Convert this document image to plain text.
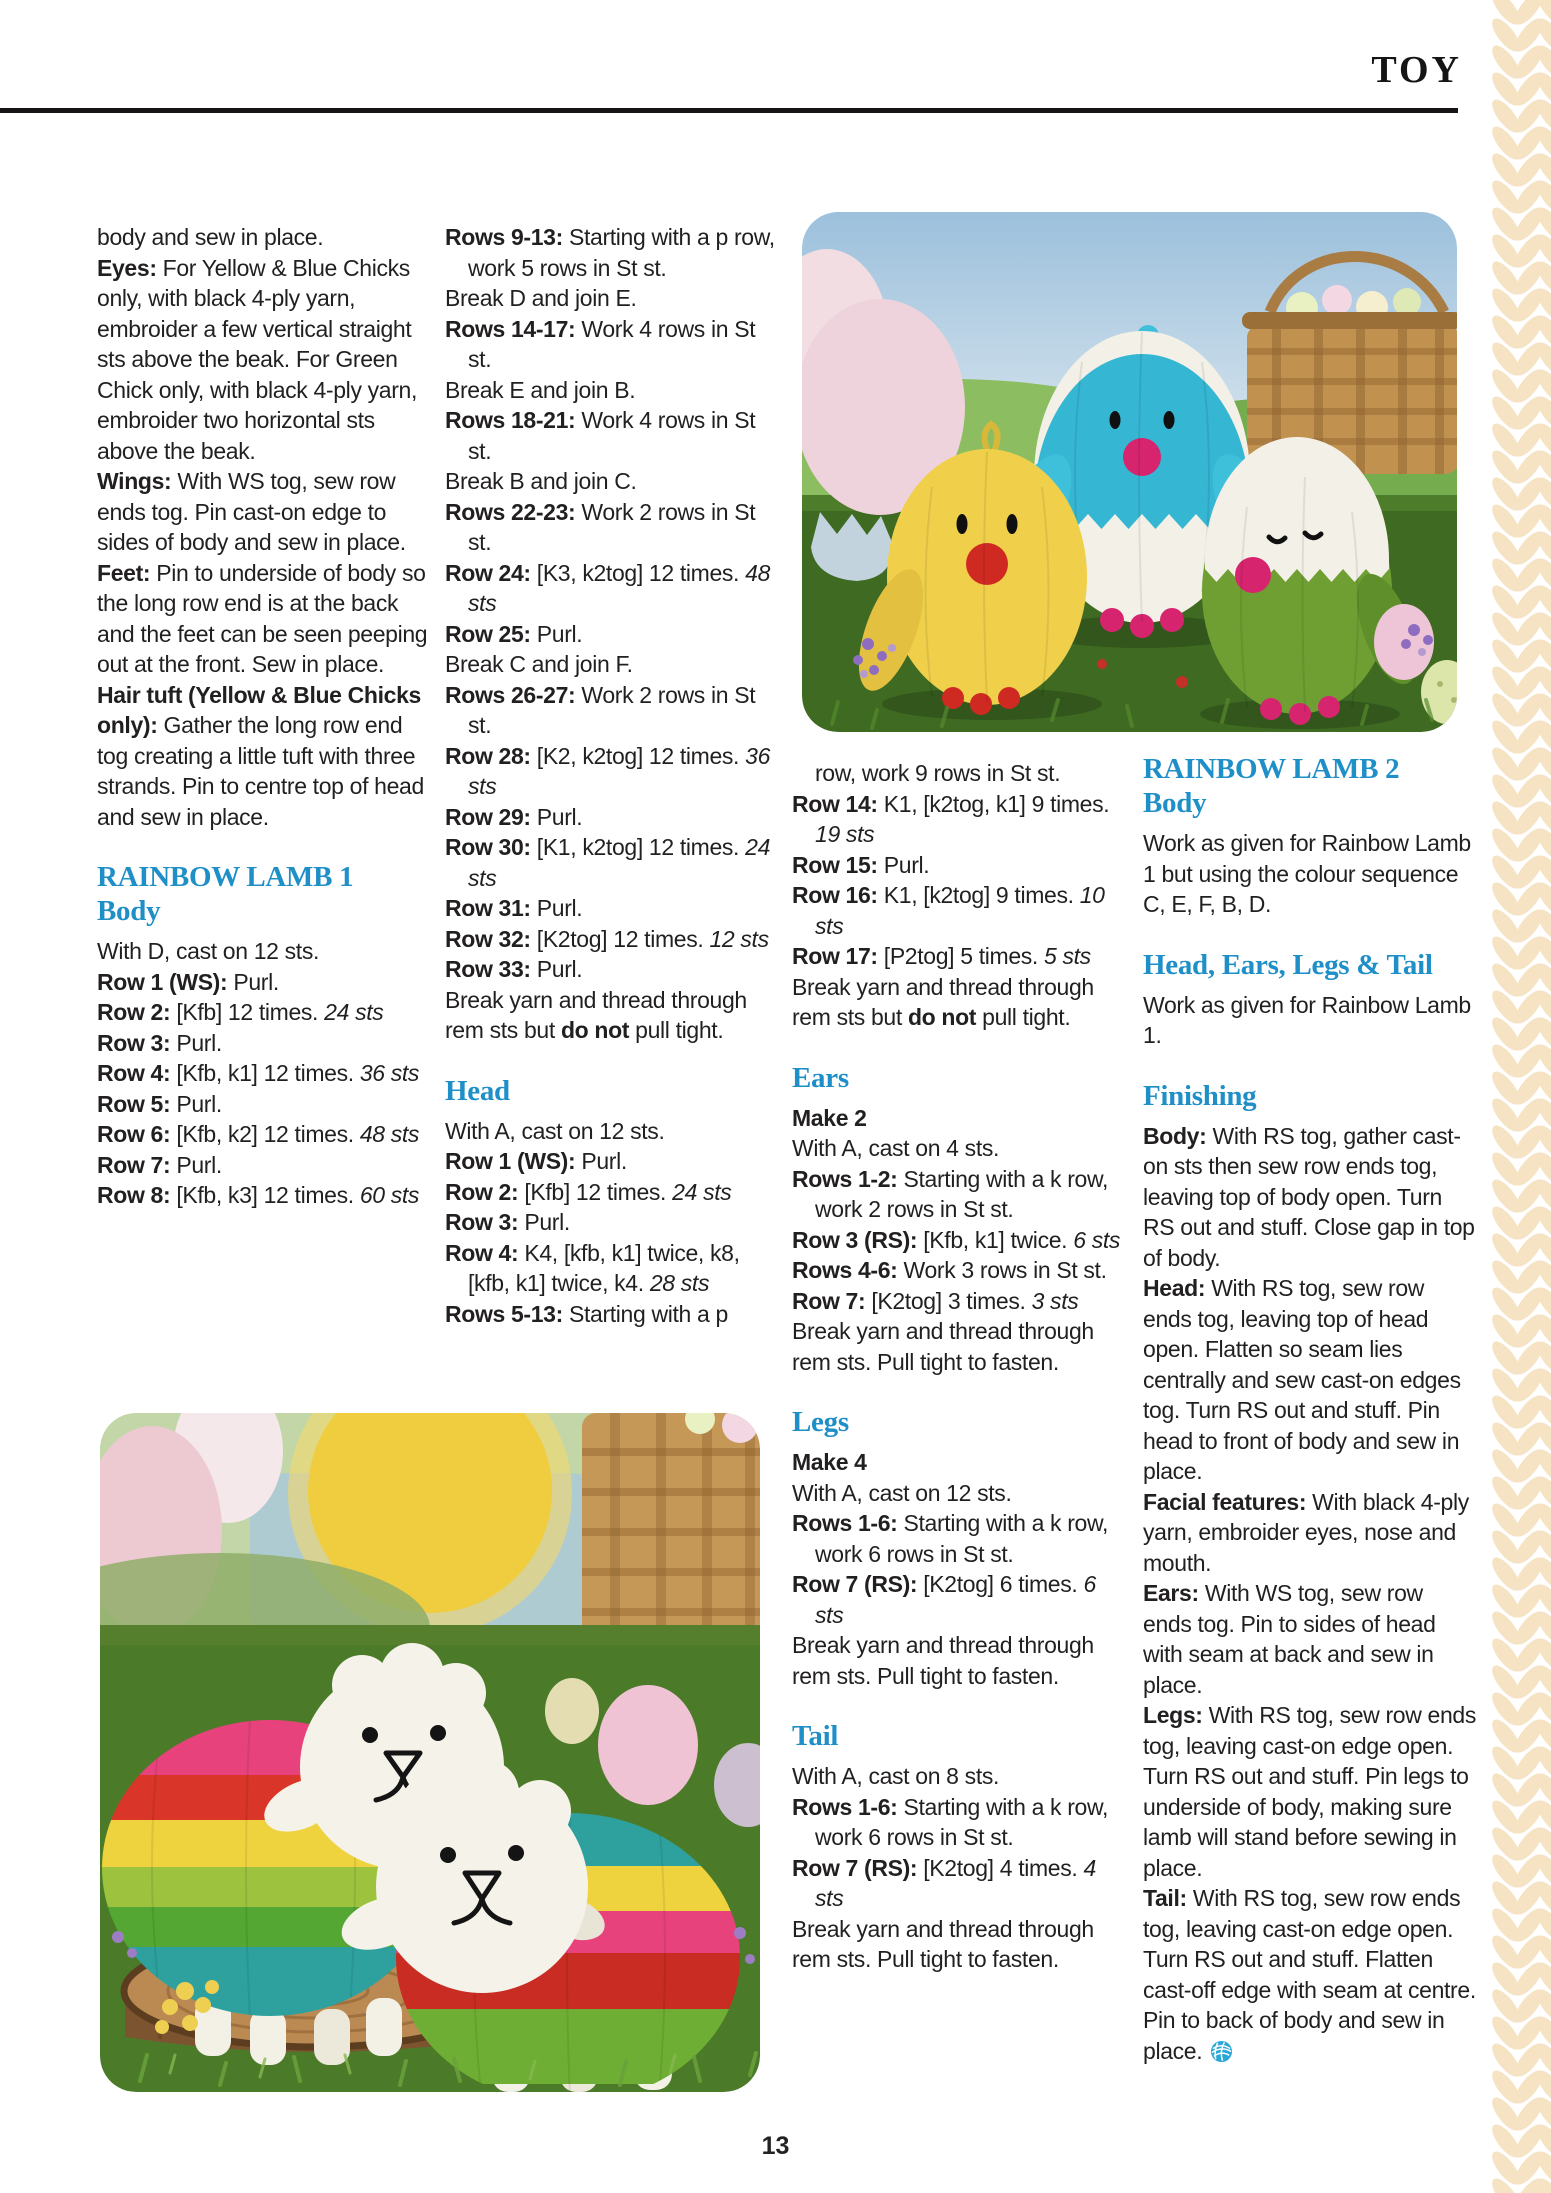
TOY

body and sew in place.

Eyes: For Yellow & Blue Chicks only, with black 4-ply yarn, embroider a few vertical straight sts above the beak. For Green Chick only, with black 4-ply yarn, embroider two horizontal sts above the beak.

Wings: With WS tog, sew row ends tog. Pin cast-on edge to sides of body and sew in place.

Feet: Pin to underside of body so the long row end is at the back and the feet can be seen peeping out at the front. Sew in place.

Hair tuft (Yellow & Blue Chicks only): Gather the long row end tog creating a little tuft with three strands. Pin to centre top of head and sew in place.

RAINBOW LAMB 1
Body

With D, cast on 12 sts.

Row 1 (WS): Purl.

Row 2: [Kfb] 12 times. 24 sts

Row 3: Purl.

Row 4: [Kfb, k1] 12 times. 36 sts

Row 5: Purl.

Row 6: [Kfb, k2] 12 times. 48 sts

Row 7: Purl.

Row 8: [Kfb, k3] 12 times. 60 sts

Rows 9-13: Starting with a p row, work 5 rows in St st.

Break D and join E.

Rows 14-17: Work 4 rows in St st.

Break E and join B.

Rows 18-21: Work 4 rows in St st.

Break B and join C.

Rows 22-23: Work 2 rows in St st.

Row 24: [K3, k2tog] 12 times. 48 sts

Row 25: Purl.

Break C and join F.

Rows 26-27: Work 2 rows in St st.

Row 28: [K2, k2tog] 12 times. 36 sts

Row 29: Purl.

Row 30: [K1, k2tog] 12 times. 24 sts

Row 31: Purl.

Row 32: [K2tog] 12 times. 12 sts

Row 33: Purl.

Break yarn and thread through rem sts but do not pull tight.

Head

With A, cast on 12 sts.

Row 1 (WS): Purl.

Row 2: [Kfb] 12 times. 24 sts

Row 3: Purl.

Row 4: K4, [kfb, k1] twice, k8, [kfb, k1] twice, k4. 28 sts

Rows 5-13: Starting with a p

row, work 9 rows in St st.

Row 14: K1, [k2tog, k1] 9 times. 19 sts

Row 15: Purl.

Row 16: K1, [k2tog] 9 times. 10 sts

Row 17: [P2tog] 5 times. 5 sts

Break yarn and thread through rem sts but do not pull tight.

Ears

Make 2

With A, cast on 4 sts.

Rows 1-2: Starting with a k row, work 2 rows in St st.

Row 3 (RS): [Kfb, k1] twice. 6 sts

Rows 4-6: Work 3 rows in St st.

Row 7: [K2tog] 3 times. 3 sts

Break yarn and thread through rem sts. Pull tight to fasten.

Legs

Make 4

With A, cast on 12 sts.

Rows 1-6: Starting with a k row, work 6 rows in St st.

Row 7 (RS): [K2tog] 6 times. 6 sts

Break yarn and thread through rem sts. Pull tight to fasten.

Tail

With A, cast on 8 sts.

Rows 1-6: Starting with a k row, work 6 rows in St st.

Row 7 (RS): [K2tog] 4 times. 4 sts

Break yarn and thread through rem sts. Pull tight to fasten.

RAINBOW LAMB 2
Body

Work as given for Rainbow Lamb 1 but using the colour sequence C, E, F, B, D.

Head, Ears, Legs & Tail

Work as given for Rainbow Lamb 1.

Finishing

Body: With RS tog, gather cast-on sts then sew row ends tog, leaving top of body open. Turn RS out and stuff. Close gap in top of body.

Head: With RS tog, sew row ends tog, leaving top of head open. Flatten so seam lies centrally and sew cast-on edges tog. Turn RS out and stuff. Pin head to front of body and sew in place.

Facial features: With black 4-ply yarn, embroider eyes, nose and mouth.

Ears: With WS tog, sew row ends tog. Pin to sides of head with seam at back and sew in place.

Legs: With RS tog, sew row ends tog, leaving cast-on edge open. Turn RS out and stuff. Pin legs to underside of body, making sure lamb will stand before sewing in place.

Tail: With RS tog, sew row ends tog, leaving cast-on edge open. Turn RS out and stuff. Flatten cast-off edge with seam at centre. Pin to back of body and sew in place.

13
